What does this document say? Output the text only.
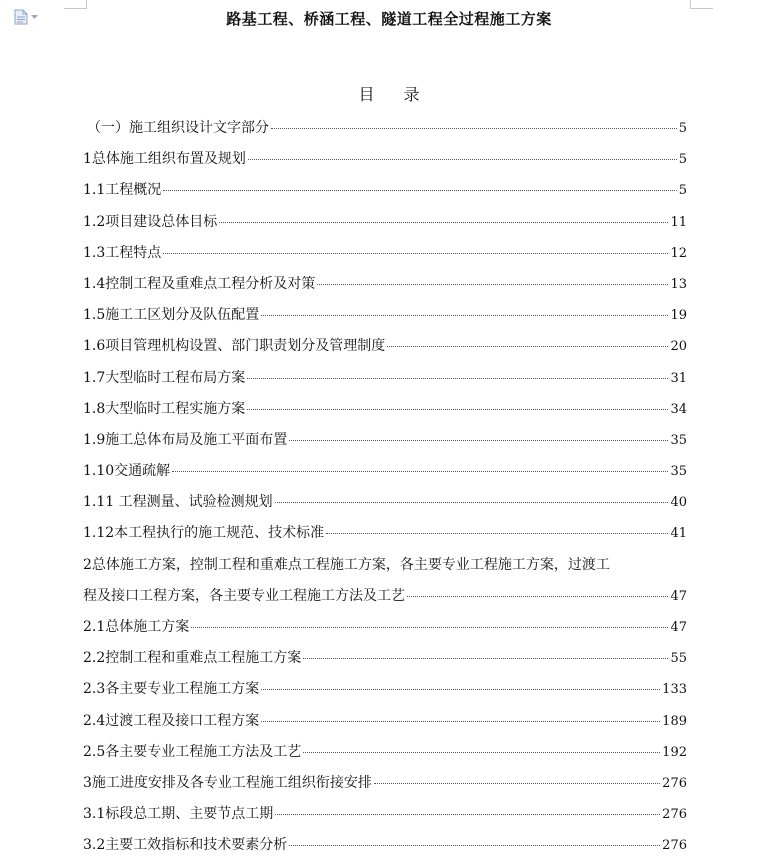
路基工程、桥涵工程、隧道工程全过程施工方案
目 录
（一）施工组织设计文字部分	5
1总体施工组织布置及规划	5
1.1工程概况	5
1.2项目建设总体目标	11
1.3工程特点	12
1.4控制工程及重难点工程分析及对策	13
1.5施工工区划分及队伍配置	19
1.6项目管理机构设置、部门职责划分及管理制度	20
1.7大型临时工程布局方案	31
1.8大型临时工程实施方案	34
1.9施工总体布局及施工平面布置	35
1.10交通疏解	35
1.11 工程测量、试验检测规划	40
1.12本工程执行的施工规范、技术标准	41
2总体施工方案，控制工程和重难点工程施工方案，各主要专业工程施工方案，过渡工
程及接口工程方案，各主要专业工程施工方法及工艺	47
2.1总体施工方案	47
2.2控制工程和重难点工程施工方案	55
2.3各主要专业工程施工方案	133
2.4过渡工程及接口工程方案	189
2.5各主要专业工程施工方法及工艺	192
3施工进度安排及各专业工程施工组织衔接安排	276
3.1标段总工期、主要节点工期	276
3.2主要工效指标和技术要素分析	276
